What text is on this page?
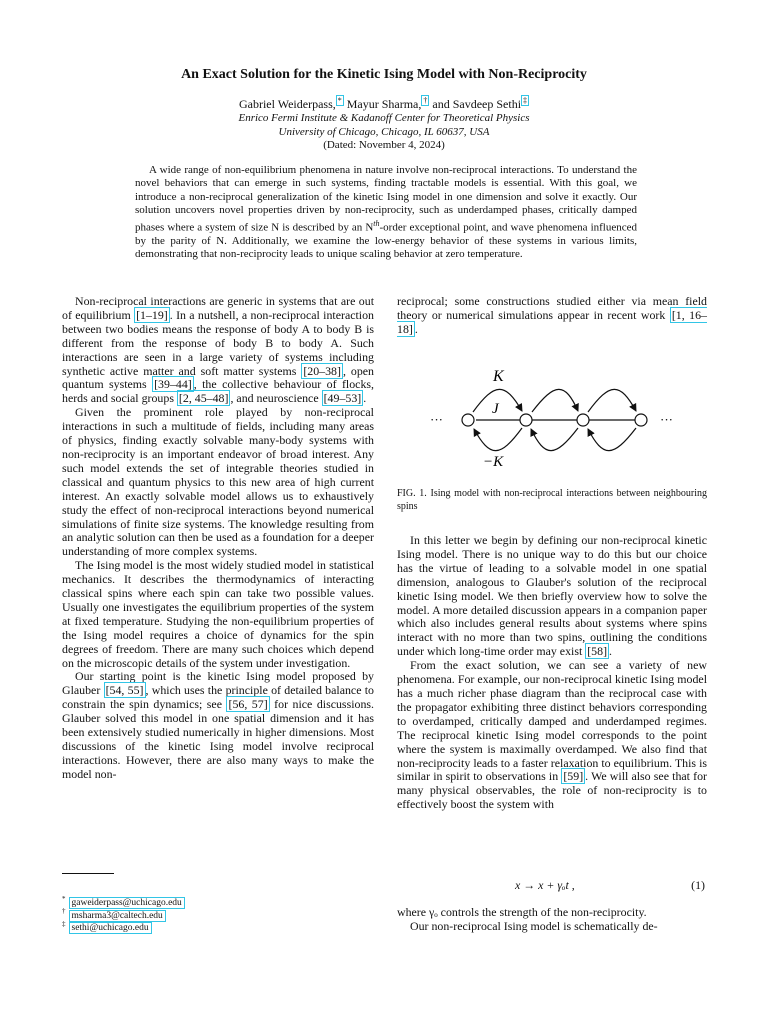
An Exact Solution for the Kinetic Ising Model with Non-Reciprocity
Gabriel Weiderpass, * Mayur Sharma, † and Savdeep Sethi ‡
Enrico Fermi Institute & Kadanoff Center for Theoretical Physics
University of Chicago, Chicago, IL 60637, USA
(Dated: November 4, 2024)

A wide range of non-equilibrium phenomena in nature involve non-reciprocal interactions. To understand the novel behaviors that can emerge in such systems, finding tractable models is essential. With this goal, we introduce a non-reciprocal generalization of the kinetic Ising model in one dimension and solve it exactly. Our solution uncovers novel properties driven by non-reciprocity, such as underdamped phases, critically damped phases where a system of size N is described by an $N^{th}$-order exceptional point, and wave phenomena influenced by the parity of N. Additionally, we examine the low-energy behavior of these systems in various limits, demonstrating that non-reciprocity leads to unique scaling behavior at zero temperature.

Non-reciprocal interactions are generic in systems that are out of equilibrium [1–19] . In a nutshell, a non-reciprocal interaction between two bodies means the response of body A to body B is different from the response of body B to body A. Such interactions are seen in a large variety of systems including synthetic active matter and soft matter systems [20–38] , open quantum systems [39–44] , the collective behaviour of flocks, herds and social groups [2, 45–48] , and neuroscience [49–53] .

Given the prominent role played by non-reciprocal interactions in such a multitude of fields, including many areas of physics, finding exactly solvable many-body systems with non-reciprocity is an important endeavor of broad interest. Any such model extends the set of integrable theories studied in classical and quantum physics to this new area of high current interest. An exactly solvable model allows us to exhaustively study the effect of non-reciprocal interactions beyond numerical simulations of finite size systems. The knowledge resulting from an analytic solution can then be used as a foundation for a deeper understanding of more complex systems.

The Ising model is the most widely studied model in statistical mechanics. It describes the thermodynamics of interacting classical spins where each spin can take two possible values. Usually one investigates the equilibrium properties of the system at fixed temperature. Studying the non-equilibrium properties of the Ising model requires a choice of dynamics for the spin degrees of freedom. There are many such choices which depend on the microscopic details of the system under investigation.

Our starting point is the kinetic Ising model proposed by Glauber [54, 55] , which uses the principle of detailed balance to constrain the spin dynamics; see [56, 57] for nice discussions. Glauber solved this model in one spatial dimension and it has been extensively studied numerically in higher dimensions. Most discussions of the kinetic Ising model involve reciprocal interactions. However, there are also many ways to make the model non-

reciprocal; some constructions studied either via mean field theory or numerical simulations appear in recent work [1, 16–18] .

K
J
−K
···	···
FIG. 1. Ising model with non-reciprocal interactions between neighbouring spins

In this letter we begin by defining our non-reciprocal kinetic Ising model. There is no unique way to do this but our choice has the virtue of leading to a solvable model in one spatial dimension, analogous to Glauber's solution of the reciprocal kinetic Ising model. We then briefly overview how to solve the model. A more detailed discussion appears in a companion paper which also includes general results about systems where spins interact with no more than two spins, outlining the conditions under which long-time order may exist [58] .

From the exact solution, we can see a variety of new phenomena. For example, our non-reciprocal kinetic Ising model has a much richer phase diagram than the reciprocal case with the propagator exhibiting three distinct behaviors corresponding to overdamped, critically damped and underdamped regimes. The reciprocal kinetic Ising model corresponds to the point where the system is maximally overdamped. We also find that non-reciprocity leads to a faster relaxation to equilibrium. This is similar in spirit to observations in [59] . We will also see that for many physical observables, the role of non-reciprocity is to effectively boost the system with

x → x + γₒt ,	(1)

where γₒ controls the strength of the non-reciprocity.

Our non-reciprocal Ising model is schematically de-

* gaweiderpass@uchicago.edu
† msharma3@caltech.edu
‡ sethi@uchicago.edu
